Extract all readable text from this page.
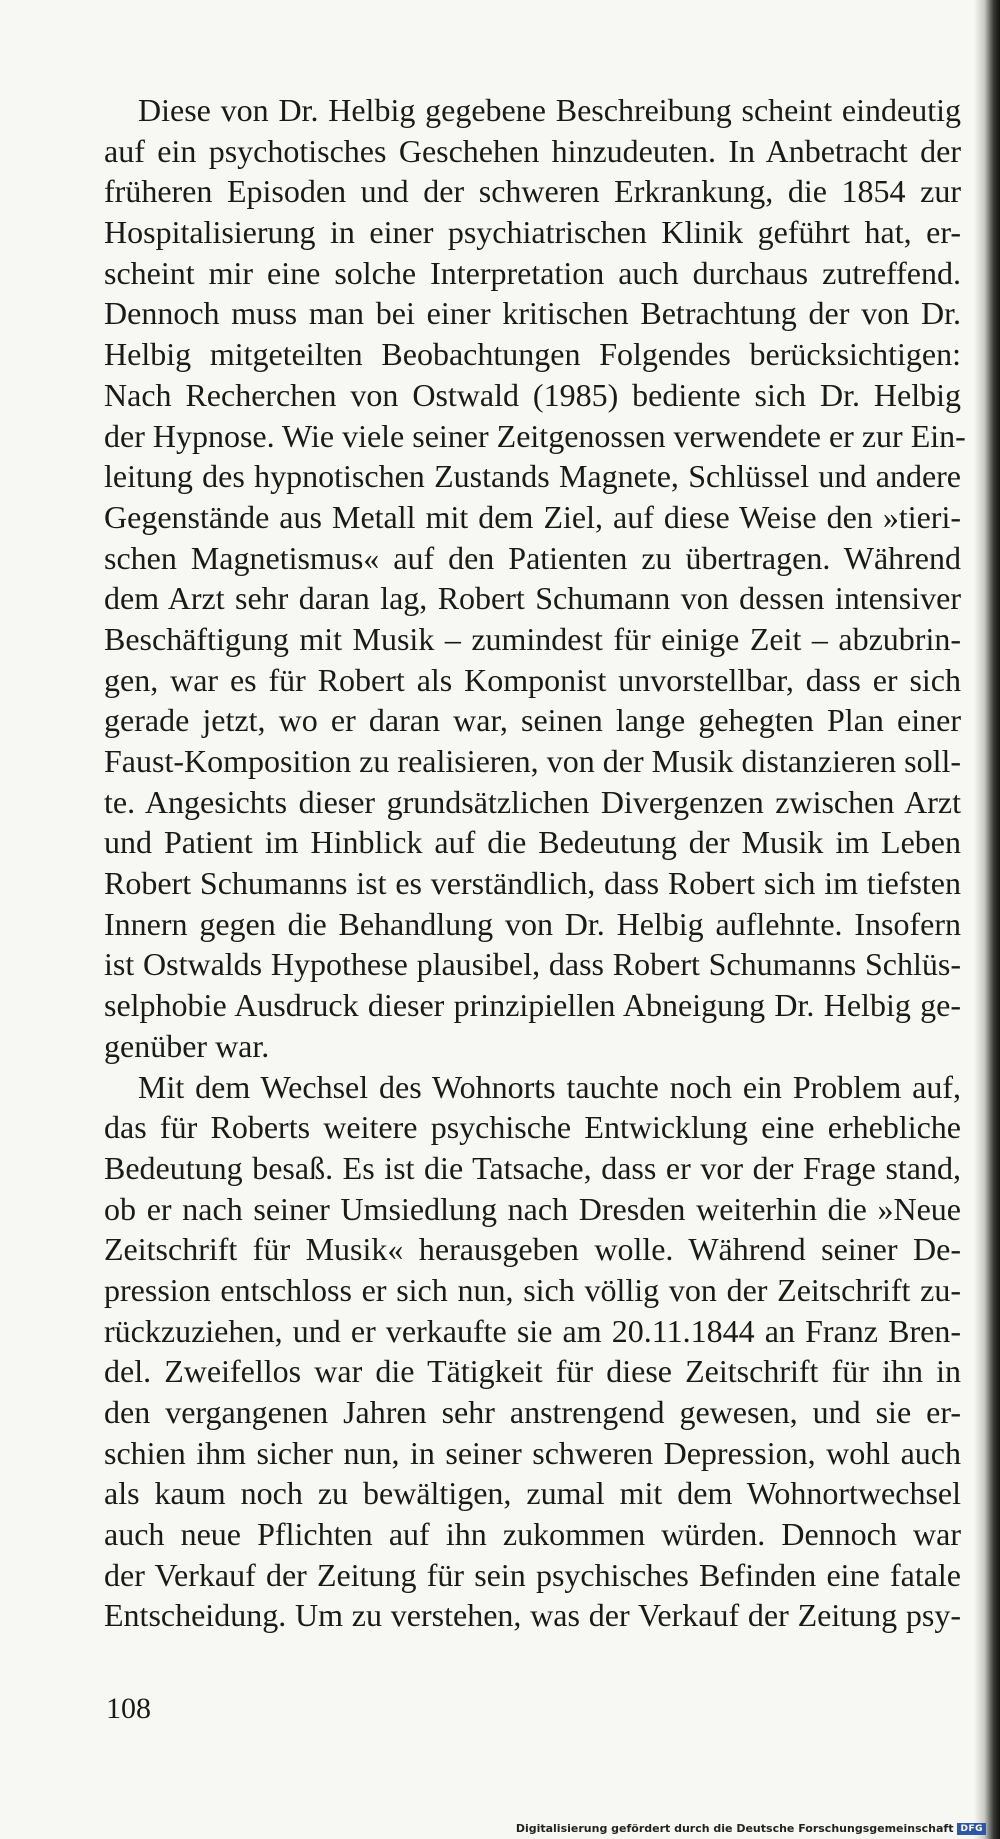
Diese von Dr. Helbig gegebene Beschreibung scheint eindeutig
auf ein psychotisches Geschehen hinzudeuten. In Anbetracht der
früheren Episoden und der schweren Erkrankung, die 1854 zur
Hospitalisierung in einer psychiatrischen Klinik geführt hat, er-
scheint mir eine solche Interpretation auch durchaus zutreffend.
Dennoch muss man bei einer kritischen Betrachtung der von Dr.
Helbig mitgeteilten Beobachtungen Folgendes berücksichtigen:
Nach Recherchen von Ostwald (1985) bediente sich Dr. Helbig
der Hypnose. Wie viele seiner Zeitgenossen verwendete er zur Ein-
leitung des hypnotischen Zustands Magnete, Schlüssel und andere
Gegenstände aus Metall mit dem Ziel, auf diese Weise den »tieri-
schen Magnetismus« auf den Patienten zu übertragen. Während
dem Arzt sehr daran lag, Robert Schumann von dessen intensiver
Beschäftigung mit Musik – zumindest für einige Zeit – abzubrin-
gen, war es für Robert als Komponist unvorstellbar, dass er sich
gerade jetzt, wo er daran war, seinen lange gehegten Plan einer
Faust-Komposition zu realisieren, von der Musik distanzieren soll-
te. Angesichts dieser grundsätzlichen Divergenzen zwischen Arzt
und Patient im Hinblick auf die Bedeutung der Musik im Leben
Robert Schumanns ist es verständlich, dass Robert sich im tiefsten
Innern gegen die Behandlung von Dr. Helbig auflehnte. Insofern
ist Ostwalds Hypothese plausibel, dass Robert Schumanns Schlüs-
selphobie Ausdruck dieser prinzipiellen Abneigung Dr. Helbig ge-
genüber war.
Mit dem Wechsel des Wohnorts tauchte noch ein Problem auf,
das für Roberts weitere psychische Entwicklung eine erhebliche
Bedeutung besaß. Es ist die Tatsache, dass er vor der Frage stand,
ob er nach seiner Umsiedlung nach Dresden weiterhin die »Neue
Zeitschrift für Musik« herausgeben wolle. Während seiner De-
pression entschloss er sich nun, sich völlig von der Zeitschrift zu-
rückzuziehen, und er verkaufte sie am 20.11.1844 an Franz Bren-
del. Zweifellos war die Tätigkeit für diese Zeitschrift für ihn in
den vergangenen Jahren sehr anstrengend gewesen, und sie er-
schien ihm sicher nun, in seiner schweren Depression, wohl auch
als kaum noch zu bewältigen, zumal mit dem Wohnortwechsel
auch neue Pflichten auf ihn zukommen würden. Dennoch war
der Verkauf der Zeitung für sein psychisches Befinden eine fatale
Entscheidung. Um zu verstehen, was der Verkauf der Zeitung psy-
108
Digitalisierung gefördert durch die Deutsche Forschungsgemeinschaft DFG
